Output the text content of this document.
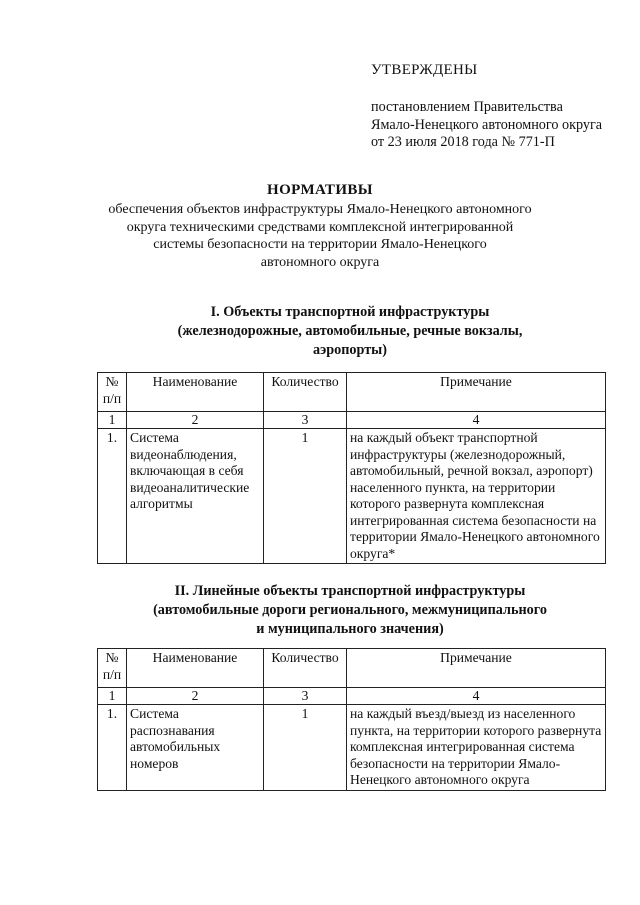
УТВЕРЖДЕНЫ
постановлением Правительства
Ямало-Ненецкого автономного округа
от 23 июля 2018 года № 771-П
НОРМАТИВЫ
обеспечения объектов инфраструктуры Ямало-Ненецкого автономного
округа техническими средствами комплексной интегрированной
системы безопасности на территории Ямало-Ненецкого
автономного округа
I. Объекты транспортной инфраструктуры
(железнодорожные, автомобильные, речные вокзалы,
аэропорты)
№ п/п	Наименование	Количество	Примечание
1	2	3	4
1.	Система видеонаблюдения, включающая в себя видеоаналитические алгоритмы	1	на каждый объект транспортной инфраструктуры (железнодорожный, автомобильный, речной вокзал, аэропорт) населенного пункта, на территории которого развернута комплексная интегрированная система безопасности на территории Ямало-Ненецкого автономного округа*
II. Линейные объекты транспортной инфраструктуры
(автомобильные дороги регионального, межмуниципального
и муниципального значения)
№ п/п	Наименование	Количество	Примечание
1	2	3	4
1.	Система распознавания автомобильных номеров	1	на каждый въезд/выезд из населенного пункта, на территории которого развернута комплексная интегрированная система безопасности на территории Ямало-Ненецкого автономного округа
